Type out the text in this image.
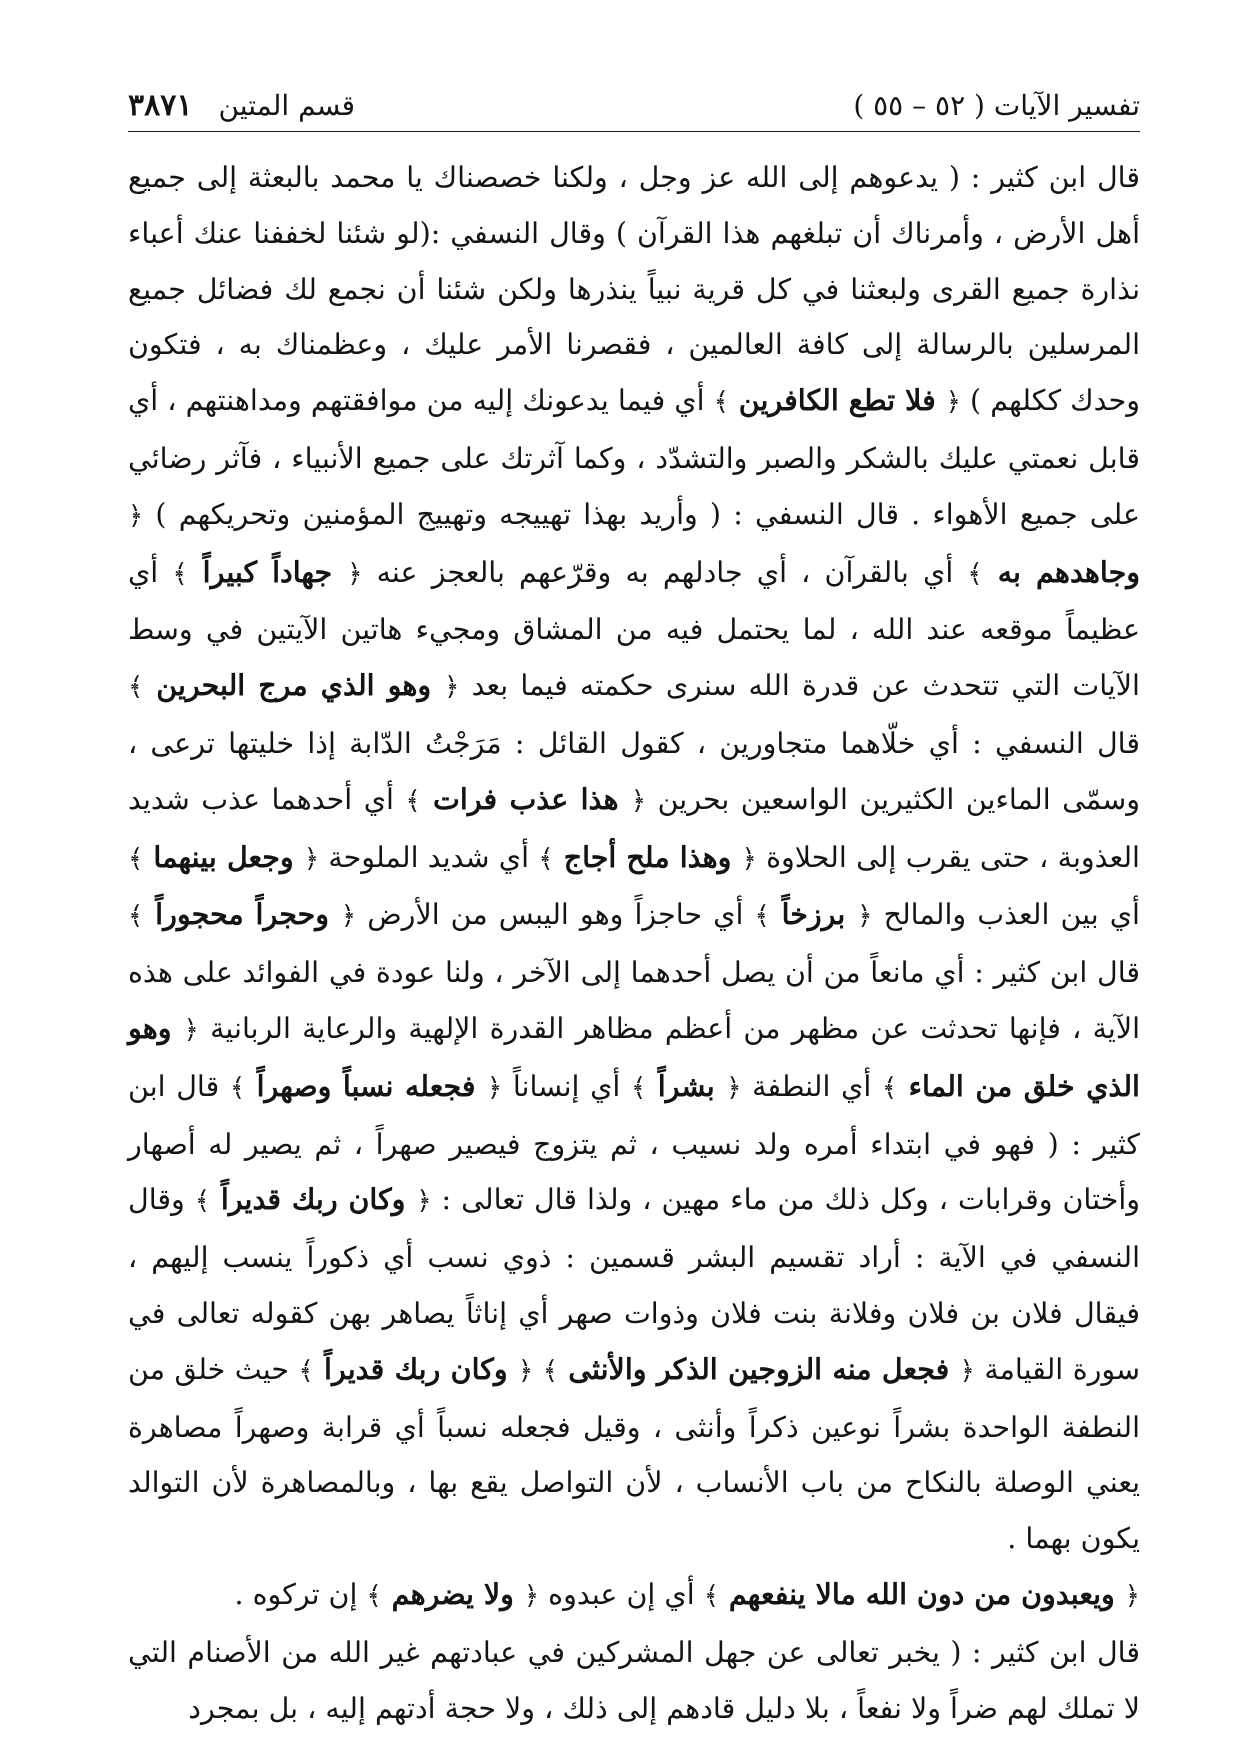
تفسير الآيات ( ٥٢ – ٥٥ )
قسم المتين
٣٨٧١

قال ابن كثير : ( يدعوهم إلى الله عز وجل ، ولكنا خصصناك يا محمد بالبعثة إلى جميع أهل الأرض ، وأمرناك أن تبلغهم هذا القرآن ) وقال النسفي :(لو شئنا لخففنا عنك أعباء نذارة جميع القرى ولبعثنا في كل قرية نبياً ينذرها ولكن شئنا أن نجمع لك فضائل جميع المرسلين بالرسالة إلى كافة العالمين ، فقصرنا الأمر عليك ، وعظمناك به ، فتكون وحدك ككلهم ) ﴿ فلا تطع الكافرين ﴾ أي فيما يدعونك إليه من موافقتهم ومداهنتهم ، أي قابل نعمتي عليك بالشكر والصبر والتشدّد ، وكما آثرتك على جميع الأنبياء ، فآثر رضائي على جميع الأهواء . قال النسفي : ( وأريد بهذا تهييجه وتهييج المؤمنين وتحريكهم ) ﴿ وجاهدهم به ﴾ أي بالقرآن ، أي جادلهم به وقرّعهم بالعجز عنه ﴿ جهاداً كبيراً ﴾ أي عظيماً موقعه عند الله ، لما يحتمل فيه من المشاق ومجيء هاتين الآيتين في وسط الآيات التي تتحدث عن قدرة الله سنرى حكمته فيما بعد ﴿ وهو الذي مرج البحرين ﴾ قال النسفي : أي خلّاهما متجاورين ، كقول القائل : مَرَجْتُ الدّابة إذا خليتها ترعى ، وسمّى الماءين الكثيرين الواسعين بحرين ﴿ هذا عذب فرات ﴾ أي أحدهما عذب شديد العذوبة ، حتى يقرب إلى الحلاوة ﴿ وهذا ملح أجاج ﴾ أي شديد الملوحة ﴿ وجعل بينهما ﴾ أي بين العذب والمالح ﴿ برزخاً ﴾ أي حاجزاً وهو اليبس من الأرض ﴿ وحجراً محجوراً ﴾ قال ابن كثير : أي مانعاً من أن يصل أحدهما إلى الآخر ، ولنا عودة في الفوائد على هذه الآية ، فإنها تحدثت عن مظهر من أعظم مظاهر القدرة الإلهية والرعاية الربانية ﴿ وهو الذي خلق من الماء ﴾ أي النطفة ﴿ بشراً ﴾ أي إنساناً ﴿ فجعله نسباً وصهراً ﴾ قال ابن كثير : ( فهو في ابتداء أمره ولد نسيب ، ثم يتزوج فيصير صهراً ، ثم يصير له أصهار وأختان وقرابات ، وكل ذلك من ماء مهين ، ولذا قال تعالى : ﴿ وكان ربك قديراً ﴾ وقال النسفي في الآية : أراد تقسيم البشر قسمين : ذوي نسب أي ذكوراً ينسب إليهم ، فيقال فلان بن فلان وفلانة بنت فلان وذوات صهر أي إناثاً يصاهر بهن كقوله تعالى في سورة القيامة ﴿ فجعل منه الزوجين الذكر والأنثى ﴾ ﴿ وكان ربك قديراً ﴾ حيث خلق من النطفة الواحدة بشراً نوعين ذكراً وأنثى ، وقيل فجعله نسباً أي قرابة وصهراً مصاهرة يعني الوصلة بالنكاح من باب الأنساب ، لأن التواصل يقع بها ، وبالمصاهرة لأن التوالد يكون بهما .

﴿ ويعبدون من دون الله مالا ينفعهم ﴾ أي إن عبدوه ﴿ ولا يضرهم ﴾ إن تركوه .

قال ابن كثير : ( يخبر تعالى عن جهل المشركين في عبادتهم غير الله من الأصنام التي لا تملك لهم ضراً ولا نفعاً ، بلا دليل قادهم إلى ذلك ، ولا حجة أدتهم إليه ، بل بمجرد
